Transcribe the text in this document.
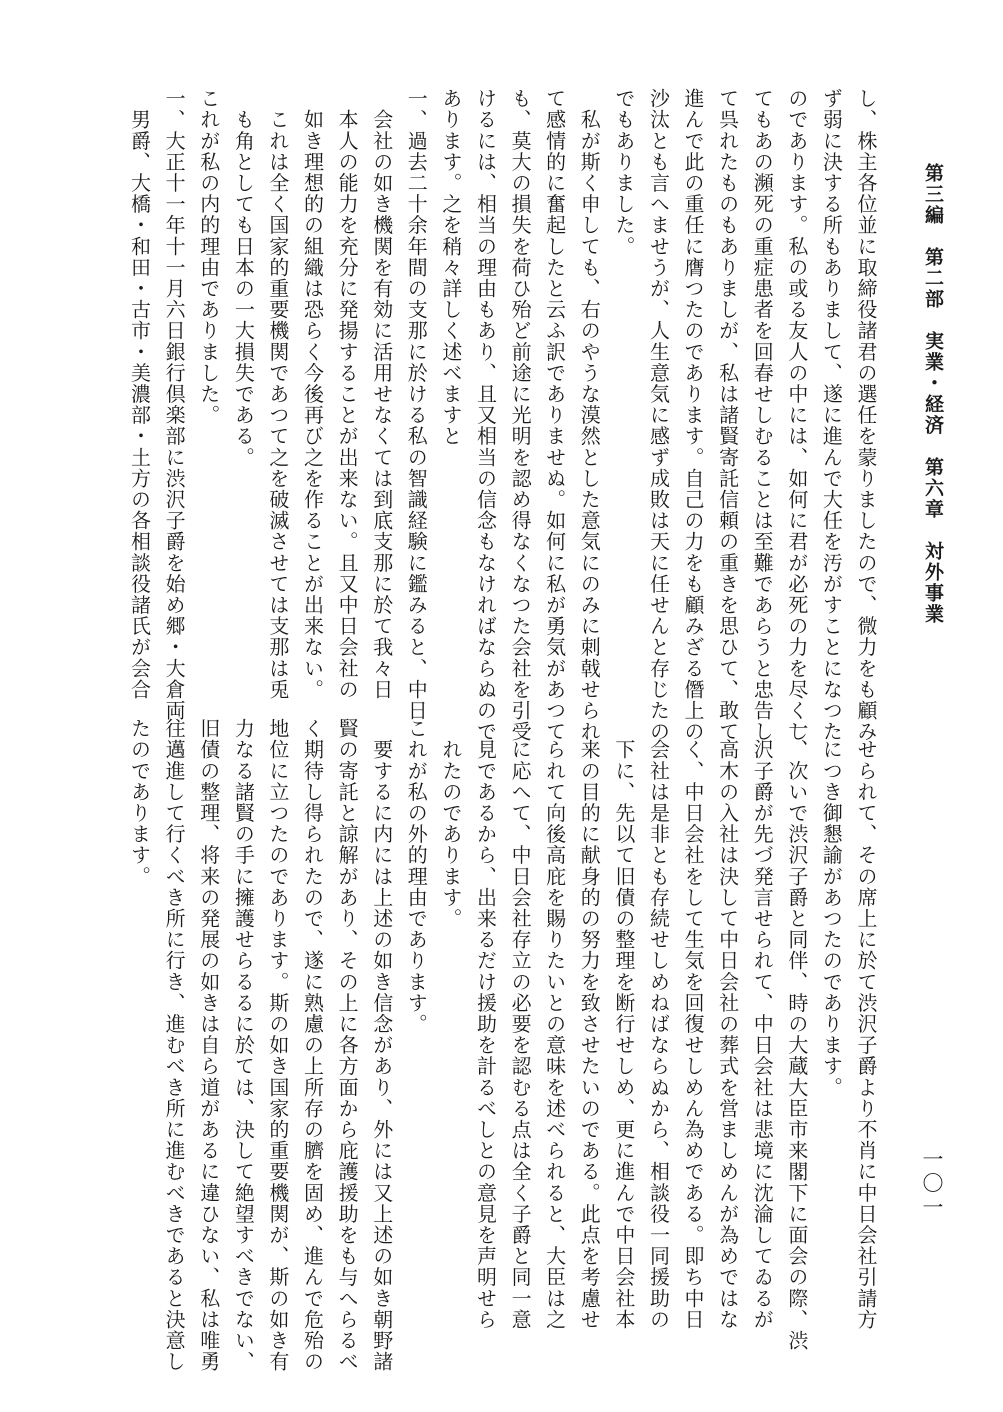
第三編　第二部　実業・経済　第六章　対外事業
一〇一
し、株主各位並に取締役諸君の選任を蒙りましたので、微力をも顧み
ず弱に決する所もありまして、遂に進んで大任を汚がすことになつた
のであります。私の或る友人の中には、如何に君が必死の力を尽くし
てもあの瀕死の重症患者を回春せしむることは至難であらうと忠告し
て呉れたものもありましが、私は諸賢寄託信頼の重きを思ひて、敢て
進んで此の重任に膺つたのであります。自己の力をも顧みざる僭上の
沙汰とも言へませうが、人生意気に感ず成敗は天に任せんと存じたの
でもありました。
　私が斯く申しても、右のやうな漠然とした意気にのみに刺戟せられ
て感情的に奮起したと云ふ訳でありませぬ。如何に私が勇気があつて
も、莫大の損失を荷ひ殆ど前途に光明を認め得なくなつた会社を引受
けるには、相当の理由もあり、且又相当の信念もなければならぬので
あります。之を稍々詳しく述べますと
一、過去二十余年間の支那に於ける私の智識経験に鑑みると、中日
　会社の如き機関を有効に活用せなくては到底支那に於て我々日
　本人の能力を充分に発揚することが出来ない。且又中日会社の
　如き理想的の組織は恐らく今後再び之を作ることが出来ない。
　これは全く国家的重要機関であつて之を破滅させては支那は兎
　も角としても日本の一大損失である。
これが私の内的理由でありました。
一、大正十一年十一月六日銀行倶楽部に渋沢子爵を始め郷・大倉両
　男爵、大橋・和田・古市・美濃部・土方の各相談役諸氏が会合
　せられて、その席上に於て渋沢子爵より不肖に中日会社引請方
　につき御懇諭があつたのであります。
一、次いで渋沢子爵と同伴、時の大蔵大臣市来閣下に面会の際、渋
　沢子爵が先づ発言せられて、中日会社は悲境に沈淪してゐるが
　高木の入社は決して中日会社の葬式を営ましめんが為めではな
　く、中日会社をして生気を回復せしめん為めである。即ち中日
　会社は是非とも存続せしめねばならぬから、相談役一同援助の
　下に、先以て旧債の整理を断行せしめ、更に進んで中日会社本
　来の目的に献身的の努力を致させたいのである。此点を考慮せ
　られて向後高庇を賜りたいとの意味を述べられると、大臣は之
　に応へて、中日会社存立の必要を認むる点は全く子爵と同一意
　見であるから、出来るだけ援助を計るべしとの意見を声明せら
　れたのであります。
これが私の外的理由であります。
　要するに内には上述の如き信念があり、外には又上述の如き朝野諸
賢の寄託と諒解があり、その上に各方面から庇護援助をも与へらるべ
く期待し得られたので、遂に熟慮の上所存の臍を固め、進んで危殆の
地位に立つたのであります。斯の如き国家的重要機関が、斯の如き有
力なる諸賢の手に擁護せらるるに於ては、決して絶望すべきでない、
旧債の整理、将来の発展の如きは自ら道があるに違ひない、私は唯勇
往邁進して行くべき所に行き、進むべき所に進むべきであると決意し
たのであります。
